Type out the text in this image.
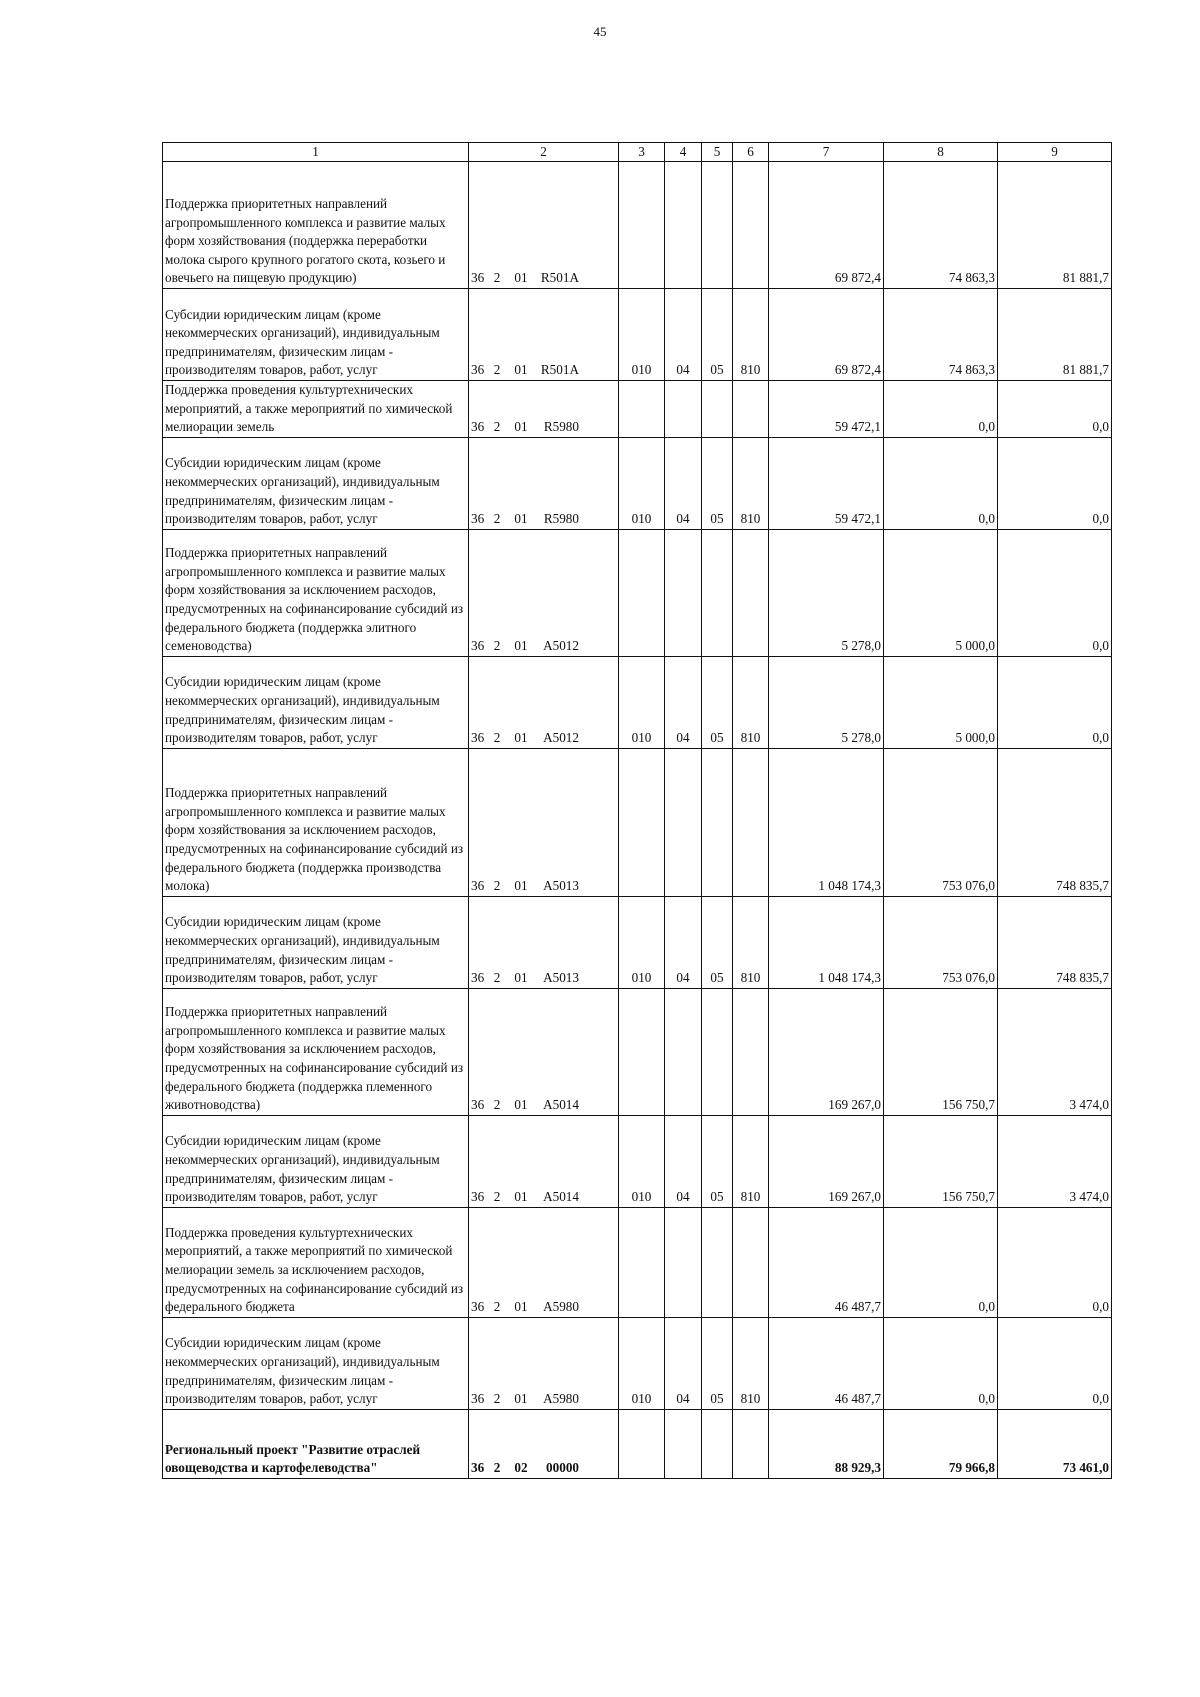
45
1	2	3	4	5	6	7	8	9
Поддержка приоритетных направлений агропромышленного комплекса и развитие малых форм хозяйствования (поддержка переработки молока сырого крупного рогатого скота, козьего и овечьего на пищевую продукцию)	36 2 01 R501A					69 872,4	74 863,3	81 881,7
Субсидии юридическим лицам (кроме некоммерческих организаций), индивидуальным предпринимателям, физическим лицам - производителям товаров, работ, услуг	36 2 01 R501A	010	04	05	810	69 872,4	74 863,3	81 881,7
Поддержка проведения культуртехнических мероприятий, а также мероприятий по химической мелиорации земель	36 2 01 R5980					59 472,1	0,0	0,0
Субсидии юридическим лицам (кроме некоммерческих организаций), индивидуальным предпринимателям, физическим лицам - производителям товаров, работ, услуг	36 2 01 R5980	010	04	05	810	59 472,1	0,0	0,0
Поддержка приоритетных направлений агропромышленного комплекса и развитие малых форм хозяйствования за исключением расходов, предусмотренных на софинансирование субсидий из федерального бюджета (поддержка элитного семеноводства)	36 2 01 A5012					5 278,0	5 000,0	0,0
Субсидии юридическим лицам (кроме некоммерческих организаций), индивидуальным предпринимателям, физическим лицам - производителям товаров, работ, услуг	36 2 01 A5012	010	04	05	810	5 278,0	5 000,0	0,0
Поддержка приоритетных направлений агропромышленного комплекса и развитие малых форм хозяйствования за исключением расходов, предусмотренных на софинансирование субсидий из федерального бюджета (поддержка производства молока)	36 2 01 A5013					1 048 174,3	753 076,0	748 835,7
Субсидии юридическим лицам (кроме некоммерческих организаций), индивидуальным предпринимателям, физическим лицам - производителям товаров, работ, услуг	36 2 01 A5013	010	04	05	810	1 048 174,3	753 076,0	748 835,7
Поддержка приоритетных направлений агропромышленного комплекса и развитие малых форм хозяйствования за исключением расходов, предусмотренных на софинансирование субсидий из федерального бюджета (поддержка племенного животноводства)	36 2 01 A5014					169 267,0	156 750,7	3 474,0
Субсидии юридическим лицам (кроме некоммерческих организаций), индивидуальным предпринимателям, физическим лицам - производителям товаров, работ, услуг	36 2 01 A5014	010	04	05	810	169 267,0	156 750,7	3 474,0
Поддержка проведения культуртехнических мероприятий, а также мероприятий по химической мелиорации земель за исключением расходов, предусмотренных на софинансирование субсидий из федерального бюджета	36 2 01 A5980					46 487,7	0,0	0,0
Субсидии юридическим лицам (кроме некоммерческих организаций), индивидуальным предпринимателям, физическим лицам - производителям товаров, работ, услуг	36 2 01 A5980	010	04	05	810	46 487,7	0,0	0,0
Региональный проект "Развитие отраслей овощеводства и картофелеводства"	36 2 02 00000					88 929,3	79 966,8	73 461,0
